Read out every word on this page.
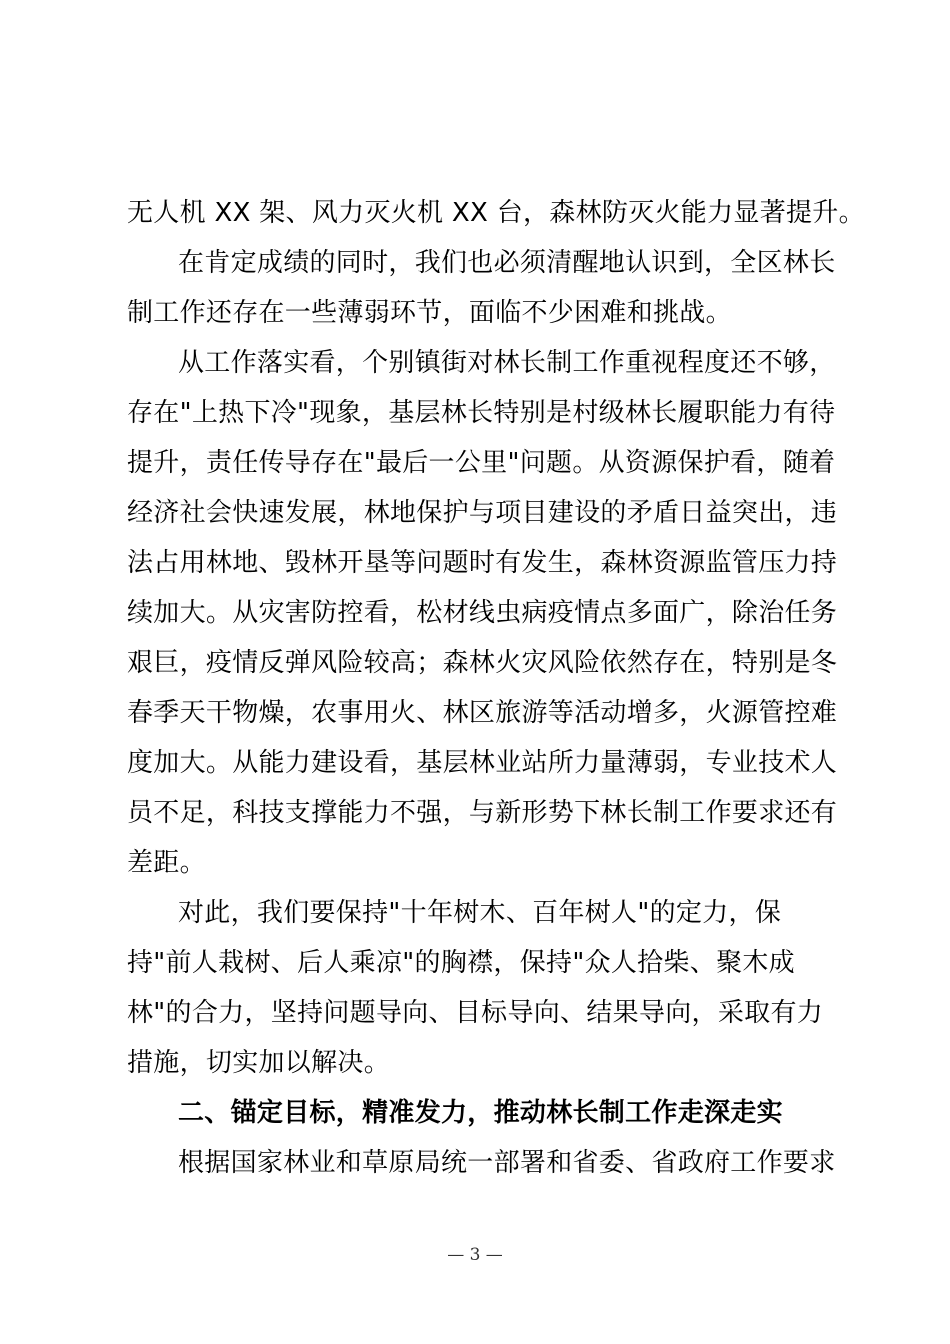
无人机 XX 架、风力灭火机 XX 台，森林防灭火能力显著提升。
在肯定成绩的同时，我们也必须清醒地认识到，全区林长
制工作还存在一些薄弱环节，面临不少困难和挑战。
从工作落实看，个别镇街对林长制工作重视程度还不够，
存在"上热下冷"现象，基层林长特别是村级林长履职能力有待
提升，责任传导存在"最后一公里"问题。从资源保护看，随着
经济社会快速发展，林地保护与项目建设的矛盾日益突出，违
法占用林地、毁林开垦等问题时有发生，森林资源监管压力持
续加大。从灾害防控看，松材线虫病疫情点多面广，除治任务
艰巨，疫情反弹风险较高；森林火灾风险依然存在，特别是冬
春季天干物燥，农事用火、林区旅游等活动增多，火源管控难
度加大。从能力建设看，基层林业站所力量薄弱，专业技术人
员不足，科技支撑能力不强，与新形势下林长制工作要求还有
差距。
对此，我们要保持"十年树木、百年树人"的定力，保
持"前人栽树、后人乘凉"的胸襟，保持"众人拾柴、聚木成
林"的合力，坚持问题导向、目标导向、结果导向，采取有力
措施，切实加以解决。
二、锚定目标，精准发力，推动林长制工作走深走实
根据国家林业和草原局统一部署和省委、省政府工作要求
— 3 —
